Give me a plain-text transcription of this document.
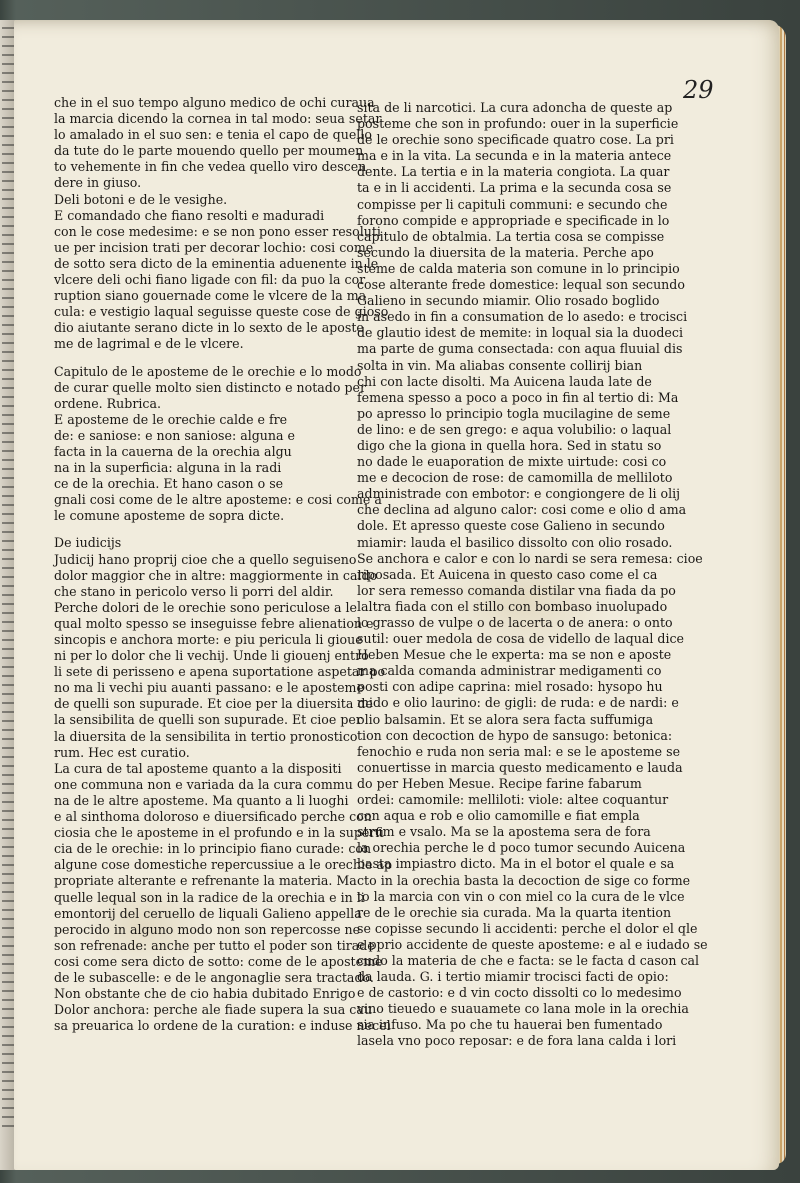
29

che in el suo tempo alguno medico de ochi curaua

la marcia dicendo la cornea in tal modo: seua setar

lo amalado in el suo sen: e tenia el capo de quello

da tute do le parte mouendo quello per moumen

to vehemente in fin che vedea quello viro descen

dere in giuso.

Deli botoni e de le vesighe.

E comandado che fiano resolti e maduradi

con le cose medesime: e se non pono esser resoluti

ue per incision trati per decorar lochio: cosi come

de sotto sera dicto de la eminentia aduenente in le

vlcere deli ochi fiano ligade con fil: da puo la cor

ruption siano gouernade come le vlcere de la ma

cula: e vestigio laqual seguisse queste cose de gioso

dio aiutante serano dicte in lo sexto de le aposte

me de lagrimal e de le vlcere.

Capitulo de le aposteme de le orechie e lo modo

de curar quelle molto sien distincto e notado per

ordene. Rubrica.

E aposteme de le orechie calde e fre

de: e saniose: e non saniose: alguna e

facta in la cauerna de la orechia algu

na in la superficia: alguna in la radi

ce de la orechia. Et hano cason o se

gnali cosi come de le altre aposteme: e cosi come a

le comune aposteme de sopra dicte.

De iudicijs

Judicij hano proprij cioe che a quello seguiseno

dolor maggior che in altre: maggiormente in caldo

che stano in pericolo verso li porri del aldir.

Perche dolori de le orechie sono periculose a le

qual molto spesso se inseguisse febre alienation e

sincopis e anchora morte: e piu pericula li gioue

ni per lo dolor che li vechij. Unde li giouenj entro

li sete di perisseno e apena suportatione aspetar po

no ma li vechi piu auanti passano: e le aposteme

de quelli son supurade. Et cioe per la diuersita de

la sensibilita de quelli son supurade. Et cioe per

la diuersita de la sensibilita in tertio pronostico

rum. Hec est curatio.

La cura de tal aposteme quanto a la dispositi

one communa non e variada da la cura commu

na de le altre aposteme. Ma quanto a li luoghi

e al sinthoma doloroso e diuersificado perche con

ciosia che le aposteme in el profundo e in la superfi

cia de le orechie: in lo principio fiano curade: con

algune cose domestiche repercussiue a le orechie ap

propriate alterante e refrenante la materia. Ma

quelle lequal son in la radice de la orechia e in li

emontorij del ceruello de liquali Galieno appella

perocido in alguno modo non son repercosse ne

son refrenade: anche per tutto el poder son tirade

cosi come sera dicto de sotto: come de le aposteme

de le subascelle: e de le angonaglie sera tractado.

Non obstante che de cio habia dubitado Enrigo

Dolor anchora: perche ale fiade supera la sua cau

sa preuarica lo ordene de la curation: e induse necel

sita de li narcotici. La cura adoncha de queste ap

posteme che son in profundo: ouer in la superficie

de le orechie sono specificade quatro cose. La pri

ma e in la vita. La secunda e in la materia antece

dente. La tertia e in la materia congiota. La quar

ta e in li accidenti. La prima e la secunda cosa se

compisse per li capituli communi: e secundo che

forono compide e appropriade e specificade in lo

capitulo de obtalmia. La tertia cosa se compisse

secundo la diuersita de la materia. Perche apo

steme de calda materia son comune in lo principio

cose alterante frede domestice: lequal son secundo

Galieno in secundo miamir. Olio rosado boglido

in asedo in fin a consumation de lo asedo: e trocisci

de glautio idest de memite: in loqual sia la duodeci

ma parte de guma consectada: con aqua fluuial dis

solta in vin. Ma aliabas consente collirij bian

chi con lacte disolti. Ma Auicena lauda late de

femena spesso a poco a poco in fin al tertio di: Ma

po apresso lo principio togla mucilagine de seme

de lino: e de sen grego: e aqua volubilio: o laqual

digo che la giona in quella hora. Sed in statu so

no dade le euaporation de mixte uirtude: cosi co

me e decocion de rose: de camomilla de melliloto

administrade con embotor: e congiongere de li olij

che declina ad alguno calor: cosi come e olio d ama

dole. Et apresso queste cose Galieno in secundo

miamir: lauda el basilico dissolto con olio rosado.

Se anchora e calor e con lo nardi se sera remesa: cioe

riposada. Et Auicena in questo caso come el ca

lor sera remesso comanda distilar vna fiada da po

laltra fiada con el stillo con bombaso inuolupado

lo grasso de vulpe o de lacerta o de anera: o onto

sutil: ouer medola de cosa de vidello de laqual dice

Heben Mesue che le experta: ma se non e aposte

ma calda comanda administrar medigamenti co

posti con adipe caprina: miel rosado: hysopo hu

mido e olio laurino: de gigli: de ruda: e de nardi: e

olio balsamin. Et se alora sera facta suffumiga

tion con decoction de hypo de sansugo: betonica:

fenochio e ruda non seria mal: e se le aposteme se

conuertisse in marcia questo medicamento e lauda

do per Heben Mesue. Recipe farine fabarum

ordei: camomile: melliloti: viole: altee coquantur

con aqua e rob e olio camomille e fiat empla

strum e vsalo. Ma se la apostema sera de fora

la orechia perche le d poco tumor secundo Auicena

basta impiastro dicto. Ma in el botor el quale e sa

cto in la orechia basta la decoction de sige co forme

to la marcia con vin o con miel co la cura de le vlce

re de le orechie sia curada. Ma la quarta itention

se copisse secundo li accidenti: perche el dolor el qle

e pprio accidente de queste aposteme: e al e iudado se

cudo la materia de che e facta: se le facta d cason cal

da lauda. G. i tertio miamir trocisci facti de opio:

e de castorio: e d vin cocto dissolti co lo medesimo

vino tieuedo e suauamete co lana mole in la orechia

sia infuso. Ma po che tu hauerai ben fumentado

lasela vno poco reposar: e de fora lana calda i lori
